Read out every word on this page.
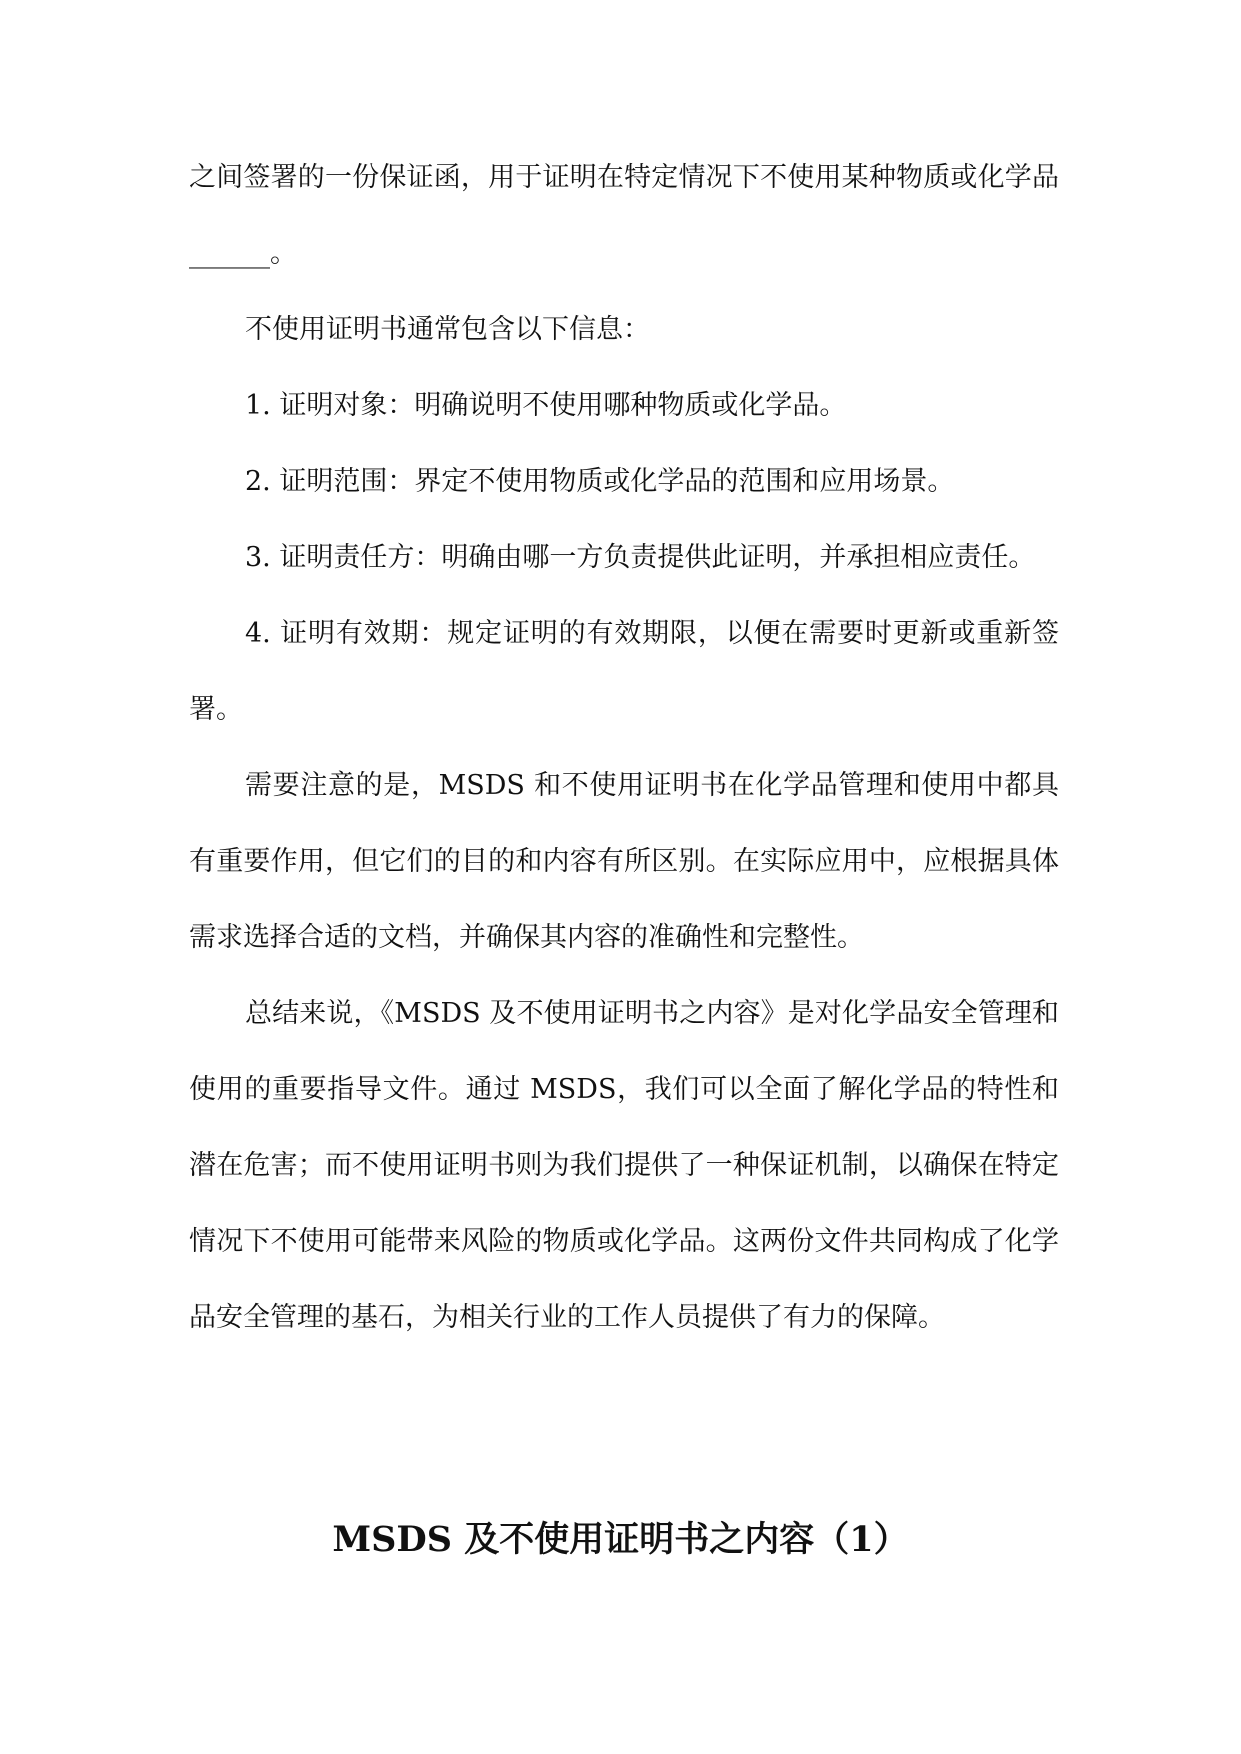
之间签署的一份保证函，用于证明在特定情况下不使用某种物质或化学品______。

不使用证明书通常包含以下信息：

1. 证明对象：明确说明不使用哪种物质或化学品。

2. 证明范围：界定不使用物质或化学品的范围和应用场景。

3. 证明责任方：明确由哪一方负责提供此证明，并承担相应责任。

4. 证明有效期：规定证明的有效期限，以便在需要时更新或重新签署。

需要注意的是，MSDS 和不使用证明书在化学品管理和使用中都具有重要作用，但它们的目的和内容有所区别。在实际应用中，应根据具体需求选择合适的文档，并确保其内容的准确性和完整性。

总结来说，《MSDS 及不使用证明书之内容》是对化学品安全管理和使用的重要指导文件。通过 MSDS，我们可以全面了解化学品的特性和潜在危害；而不使用证明书则为我们提供了一种保证机制，以确保在特定情况下不使用可能带来风险的物质或化学品。这两份文件共同构成了化学品安全管理的基石，为相关行业的工作人员提供了有力的保障。

MSDS 及不使用证明书之内容（1）
